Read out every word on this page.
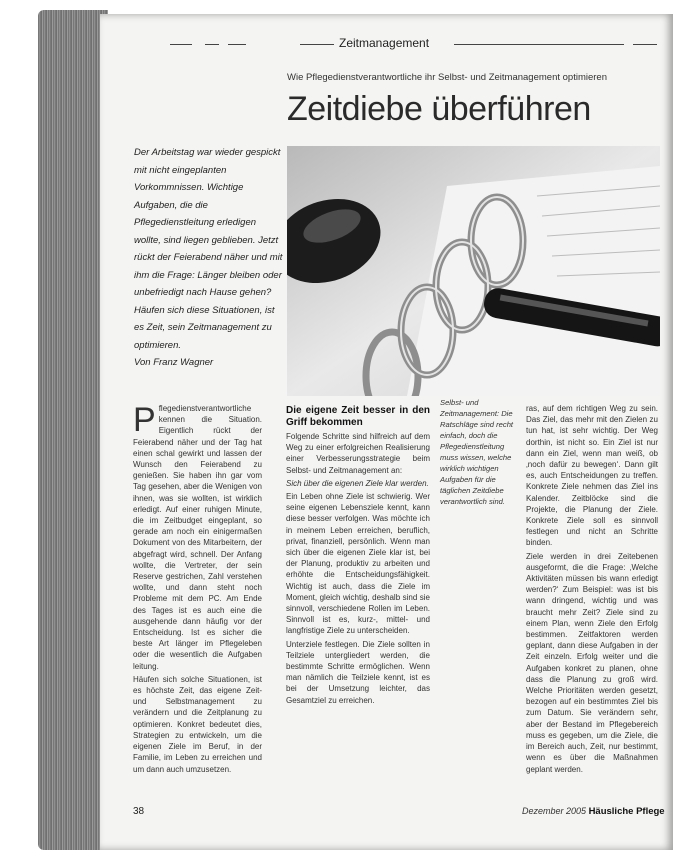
Zeitmanagement
Wie Pflegedienstverantwortliche ihr Selbst- und Zeitmanagement optimieren
Zeitdiebe überführen

Der Arbeitstag war wieder gespickt mit nicht eingeplanten Vorkommnissen. Wichtige Aufgaben, die die Pflegedienstleitung erledigen wollte, sind liegen geblieben. Jetzt rückt der Feierabend näher und mit ihm die Frage: Länger bleiben oder unbefriedigt nach Hause gehen? Häufen sich diese Situationen, ist es Zeit, sein Zeitmanagement zu optimieren.

Von Franz Wagner

Pflegedienstverantwortliche kennen die Situation. Eigentlich rückt der Feierabend näher und der Tag hat einen schal gewirkt und lassen der Wunsch den Feierabend zu genießen. Sie haben ihn gar vom Tag gesehen, aber die Wenigen von ihnen, was sie wollten, ist wirklich erledigt. Auf einer ruhigen Minute, die im Zeitbudget eingeplant, so gerade am noch ein einigermaßen Dokument von des Mitarbeitern, der abgefragt wird, schnell. Der Anfang wollte, die Vertreter, der sein Reserve gestrichen, Zahl verstehen wollte, und dann steht noch Probleme mit dem PC. Am Ende des Tages ist es auch eine die ausgehende dann häufig vor der Entscheidung. Ist es sicher die beste Art länger im Pflegeleben oder die wesentlich die Aufgaben leitung.

Häufen sich solche Situationen, ist es höchste Zeit, das eigene Zeit- und Selbstmanagement zu verändern und die Zeitplanung zu optimieren. Konkret bedeutet dies, Strategien zu entwickeln, um die eigenen Ziele im Beruf, in der Familie, im Leben zu erreichen und um dann auch umzusetzen.

Die eigene Zeit besser in den Griff bekommen

Folgende Schritte sind hilfreich auf dem Weg zu einer erfolgreichen Realisierung einer Verbesserungsstrategie beim Selbst- und Zeitmanagement an:

Sich über die eigenen Ziele klar werden.

Ein Leben ohne Ziele ist schwierig. Wer seine eigenen Lebensziele kennt, kann diese besser verfolgen. Was möchte ich in meinem Leben erreichen, beruflich, privat, finanziell, persönlich. Wenn man sich über die eigenen Ziele klar ist, bei der Planung, produktiv zu arbeiten und erhöhte die Entscheidungsfähigkeit. Wichtig ist auch, dass die Ziele im Moment, gleich wichtig, deshalb sind sie sinnvoll, verschiedene Rollen im Leben. Sinnvoll ist es, kurz-, mittel- und langfristige Ziele zu unterscheiden.

Unterziele festlegen. Die Ziele sollten in Teilziele untergliedert werden, die bestimmte Schritte ermöglichen. Wenn man nämlich die Teilziele kennt, ist es bei der Umsetzung leichter, das Gesamtziel zu erreichen.

Selbst- und Zeitmanagement: Die Ratschläge sind recht einfach, doch die Pflegedienstleitung muss wissen, welche wirklich wichtigen Aufgaben für die täglichen Zeitdiebe verantwortlich sind.

ras, auf dem richtigen Weg zu sein. Das Ziel, das mehr mit den Zielen zu tun hat, ist sehr wichtig. Der Weg dorthin, ist nicht so. Ein Ziel ist nur dann ein Ziel, wenn man weiß, ob ‚noch dafür zu bewegen‘. Dann gilt es, auch Entscheidungen zu treffen. Konkrete Ziele nehmen das Ziel ins Kalender. Zeitblöcke sind die Projekte, die Planung der Ziele. Konkrete Ziele soll es sinnvoll festlegen und nicht an Schritte binden.

Ziele werden in drei Zeitebenen ausgeformt, die die Frage: ‚Welche Aktivitäten müssen bis wann erledigt werden?‘ Zum Beispiel: was ist bis wann dringend, wichtig und was braucht mehr Zeit? Ziele sind zu einem Plan, wenn Ziele den Erfolg bestimmen. Zeitfaktoren werden geplant, dann diese Aufgaben in der Zeit einzeln. Erfolg weiter und die Aufgaben konkret zu planen, ohne dass die Planung zu groß wird. Welche Prioritäten werden gesetzt, bezogen auf ein bestimmtes Ziel bis zum Datum. Sie verändern sehr, aber der Bestand im Pflegebereich muss es gegeben, um die Ziele, die im Bereich auch, Zeit, nur bestimmt, wenn es über die Maßnahmen geplant werden.

38	Dezember 2005 Häusliche Pflege
